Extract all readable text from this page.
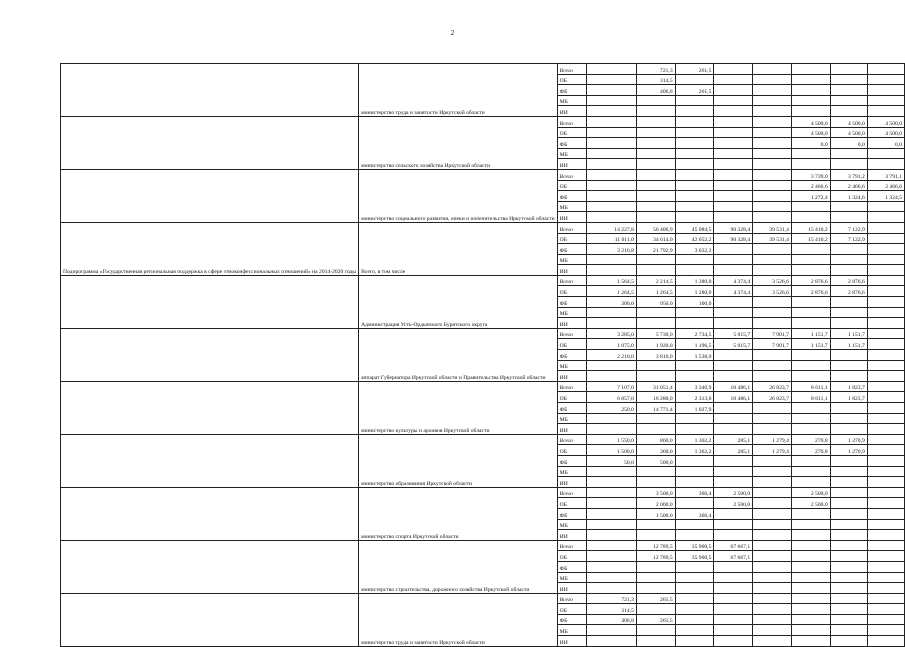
2
	министерство труда и занятости Иркутской области	Всего		721,3	261,5					
		ОБ		314,5						
		ФБ		406,8	261,5					
		МБ								
		ИИ								
	министерство сельского хозяйства Иркутской области	Всего						4 500,0	4 500,0	4 500,0
		ОБ						4 500,0	4 500,0	4 500,0
		ФБ						0,0	0,0	0,0
		МБ								
		ИИ								
	министерство социального развития, опеки и попечительства Иркутской области	Всего						3 739,0	3 791,2	3 791,1
		ОБ						2 466,6	2 466,6	2 466,6
		ФБ						1 272,4	1 324,6	1 324,5
		МБ								
		ИИ								
Подпрограмма «Государственная региональная поддержка в сфере этноконфессиональных отношений» на 2014-2020 годы	Всего, в том числе	Всего	14 227,8	56 406,9	45 084,5	90 328,4	39 531,4	15 410,2	7 122,9	
		ОБ	11 011,0	34 614,0	42 052,2	90 328,4	39 531,4	15 410,2	7 122,9	
		ФБ	3 216,8	21 792,9	3 032,3					
		МБ								
		ИИ								
	Администрация Усть-Ордынского Бурятского округа	Всего	1 564,5	2 214,5	1 380,0	4 374,4	3 526,6	2 876,6	2 876,6	
		ОБ	1 264,5	1 264,5	1 280,0	4 374,4	3 526,6	2 876,6	2 876,6	
		ФБ	300,0	950,0	100,0					
		МБ								
		ИИ								
	аппарат Губернатора Иркутской области и Правительства Иркутской области	Всего	3 285,0	5 730,0	2 734,5	5 015,7	7 901,7	1 151,7	1 151,7	
		ОБ	1 075,0	1 920,0	1 196,5	5 015,7	7 901,7	1 151,7	1 151,7	
		ФБ	2 210,0	3 810,0	1 538,0					
		МБ								
		ИИ								
	министерство культуры и архивов Иркутской области	Всего	7 107,0	31 051,4	3 340,9	10 486,1	26 823,7	8 611,1	1 823,7	
		ОБ	6 857,0	16 280,0	2 313,0	10 486,1	26 823,7	8 611,1	1 823,7	
		ФБ	250,0	14 771,4	1 027,9					
		МБ								
		ИИ								
	министерство образования Иркутской области	Всего	1 550,0	860,0	1 362,2	285,1	1 279,4	270,8	1 270,9	
		ОБ	1 500,0	360,0	1 362,2	285,1	1 279,4	270,8	1 270,9	
		ФБ	50,0	500,0						
		МБ								
		ИИ								
	министерство спорта Иркутской области	Всего		3 500,0	366,4	2 500,0		2 500,0		
		ОБ		2 000,0		2 500,0		2 500,0		
		ФБ		1 500,0	366,4					
		МБ								
		ИИ								
	министерство строительства, дорожного хозяйства Иркутской области	Всего		12 789,5	35 900,5	67 667,1				
		ОБ		12 789,5	35 900,5	67 667,1				
		ФБ								
		МБ								
		ИИ								
	министерство труда и занятости Иркутской области	Всего	721,3	261,5						
		ОБ	314,5							
		ФБ	406,8	261,5						
		МБ								
		ИИ								
